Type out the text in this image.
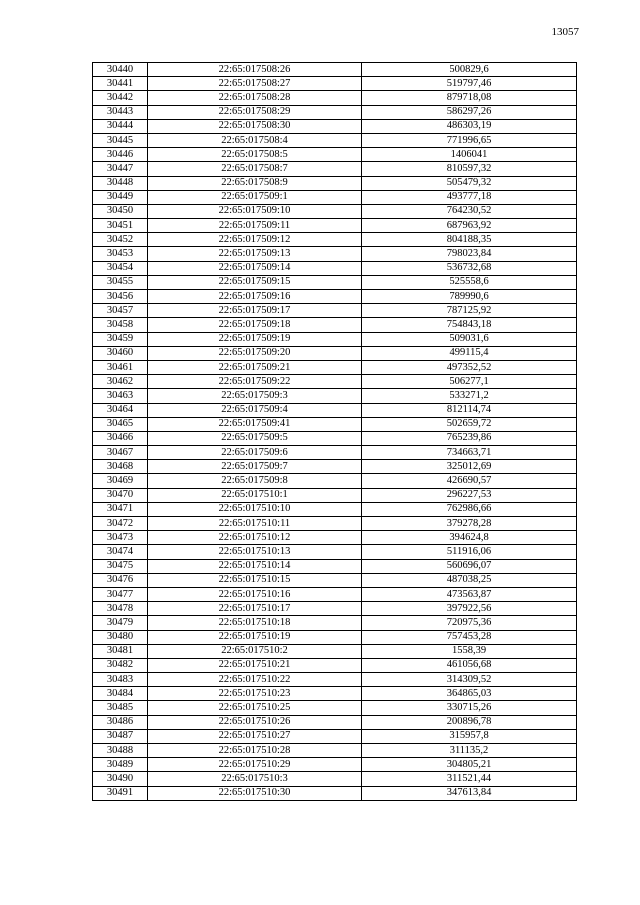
13057
30440	22:65:017508:26	500829,6
30441	22:65:017508:27	519797,46
30442	22:65:017508:28	879718,08
30443	22:65:017508:29	586297,26
30444	22:65:017508:30	486303,19
30445	22:65:017508:4	771996,65
30446	22:65:017508:5	1406041
30447	22:65:017508:7	810597,32
30448	22:65:017508:9	505479,32
30449	22:65:017509:1	493777,18
30450	22:65:017509:10	764230,52
30451	22:65:017509:11	687963,92
30452	22:65:017509:12	804188,35
30453	22:65:017509:13	798023,84
30454	22:65:017509:14	536732,68
30455	22:65:017509:15	525558,6
30456	22:65:017509:16	789990,6
30457	22:65:017509:17	787125,92
30458	22:65:017509:18	754843,18
30459	22:65:017509:19	509031,6
30460	22:65:017509:20	499115,4
30461	22:65:017509:21	497352,52
30462	22:65:017509:22	506277,1
30463	22:65:017509:3	533271,2
30464	22:65:017509:4	812114,74
30465	22:65:017509:41	502659,72
30466	22:65:017509:5	765239,86
30467	22:65:017509:6	734663,71
30468	22:65:017509:7	325012,69
30469	22:65:017509:8	426690,57
30470	22:65:017510:1	296227,53
30471	22:65:017510:10	762986,66
30472	22:65:017510:11	379278,28
30473	22:65:017510:12	394624,8
30474	22:65:017510:13	511916,06
30475	22:65:017510:14	560696,07
30476	22:65:017510:15	487038,25
30477	22:65:017510:16	473563,87
30478	22:65:017510:17	397922,56
30479	22:65:017510:18	720975,36
30480	22:65:017510:19	757453,28
30481	22:65:017510:2	1558,39
30482	22:65:017510:21	461056,68
30483	22:65:017510:22	314309,52
30484	22:65:017510:23	364865,03
30485	22:65:017510:25	330715,26
30486	22:65:017510:26	200896,78
30487	22:65:017510:27	315957,8
30488	22:65:017510:28	311135,2
30489	22:65:017510:29	304805,21
30490	22:65:017510:3	311521,44
30491	22:65:017510:30	347613,84
